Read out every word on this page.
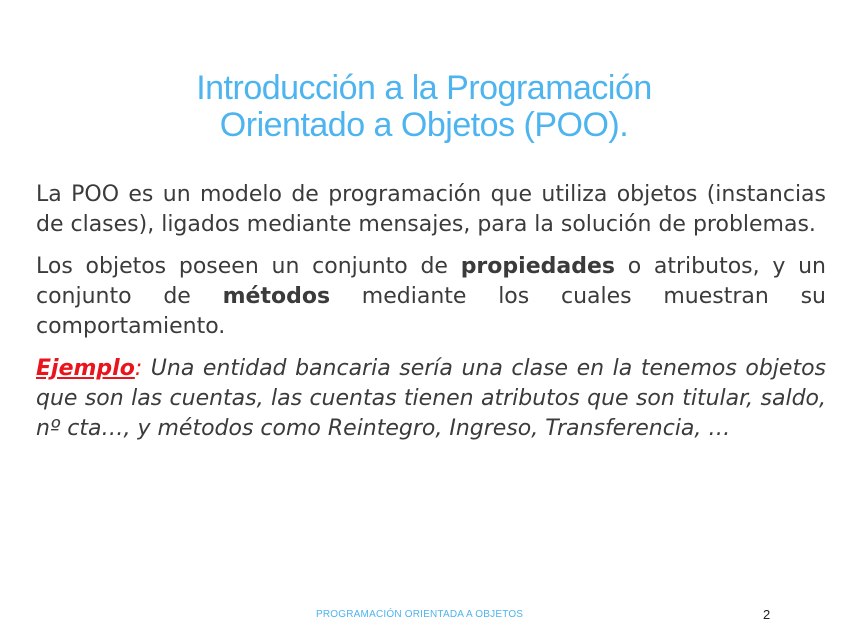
Introducción a la Programación
Orientado a Objetos (POO).

La POO es un modelo de programación que utiliza objetos (instancias de clases), ligados mediante mensajes, para la solución de problemas.

Los objetos poseen un conjunto de propiedades o atributos, y un conjunto de métodos mediante los cuales muestran su comportamiento.

Ejemplo: Una entidad bancaria sería una clase en la tenemos objetos que son las cuentas, las cuentas tienen atributos que son titular, saldo, nº cta…, y métodos como Reintegro, Ingreso, Transferencia, …

PROGRAMACIÓN ORIENTADA A OBJETOS	2
